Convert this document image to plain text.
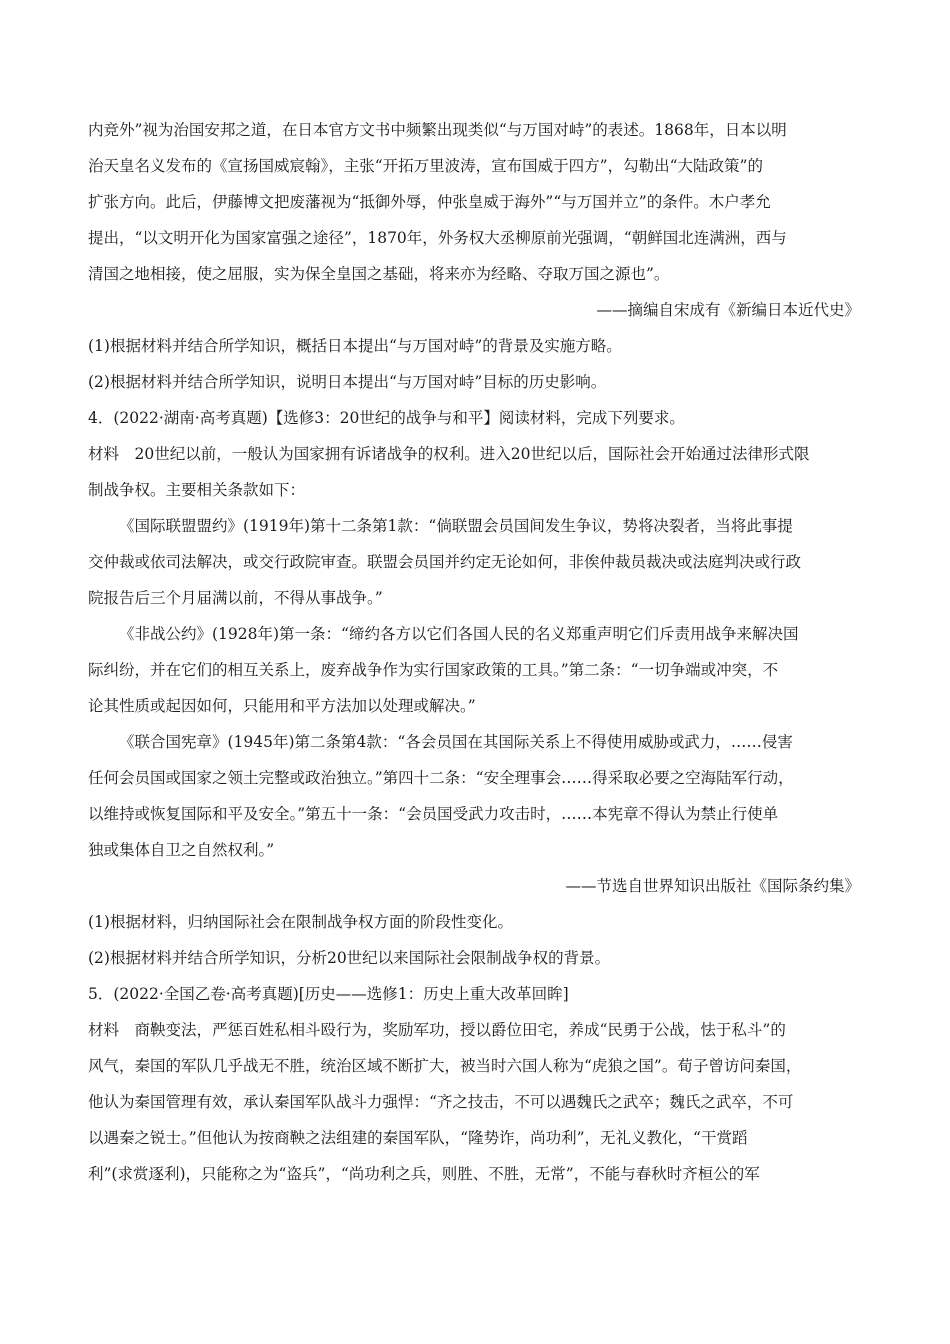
内竞外”视为治国安邦之道，在日本官方文书中频繁出现类似“与万国对峙”的表述。1868年，日本以明
治天皇名义发布的《宣扬国威宸翰》，主张“开拓万里波涛，宣布国威于四方”，勾勒出“大陆政策”的
扩张方向。此后，伊藤博文把废藩视为“抵御外辱，仲张皇威于海外”“与万国并立”的条件。木户孝允
提出，“以文明开化为国家富强之途径”，1870年，外务权大丞柳原前光强调，“朝鲜国北连满洲，西与
清国之地相接，使之屈服，实为保全皇国之基础，将来亦为经略、夺取万国之源也”。
——摘编自宋成有《新编日本近代史》
(1)根据材料并结合所学知识，概括日本提出“与万国对峙”的背景及实施方略。
(2)根据材料并结合所学知识，说明日本提出“与万国对峙”目标的历史影响。
4．(2022·湖南·高考真题)【选修3：20世纪的战争与和平】阅读材料，完成下列要求。
材料　20世纪以前，一般认为国家拥有诉诸战争的权利。进入20世纪以后，国际社会开始通过法律形式限
制战争权。主要相关条款如下：
《国际联盟盟约》(1919年)第十二条第1款：“倘联盟会员国间发生争议，势将决裂者，当将此事提
交仲裁或依司法解决，或交行政院审查。联盟会员国并约定无论如何，非俟仲裁员裁决或法庭判决或行政
院报告后三个月届满以前，不得从事战争。”
《非战公约》(1928年)第一条：“缔约各方以它们各国人民的名义郑重声明它们斥责用战争来解决国
际纠纷，并在它们的相互关系上，废弃战争作为实行国家政策的工具。”第二条：“一切争端或冲突，不
论其性质或起因如何，只能用和平方法加以处理或解决。”
《联合国宪章》(1945年)第二条第4款：“各会员国在其国际关系上不得使用威胁或武力，……侵害
任何会员国或国家之领土完整或政治独立。”第四十二条：“安全理事会……得采取必要之空海陆军行动，
以维持或恢复国际和平及安全。”第五十一条：“会员国受武力攻击时，……本宪章不得认为禁止行使单
独或集体自卫之自然权利。”
——节选自世界知识出版社《国际条约集》
(1)根据材料，归纳国际社会在限制战争权方面的阶段性变化。
(2)根据材料并结合所学知识，分析20世纪以来国际社会限制战争权的背景。
5．(2022·全国乙卷·高考真题)[历史——选修1：历史上重大改革回眸]
材料　商鞅变法，严惩百姓私相斗殴行为，奖励军功，授以爵位田宅，养成“民勇于公战，怯于私斗”的
风气，秦国的军队几乎战无不胜，统治区域不断扩大，被当时六国人称为“虎狼之国”。荀子曾访问秦国，
他认为秦国管理有效，承认秦国军队战斗力强悍：“齐之技击，不可以遇魏氏之武卒；魏氏之武卒，不可
以遇秦之锐士。”但他认为按商鞅之法组建的秦国军队，“隆势诈，尚功利”，无礼义教化，“干赏蹈
利”(求赏逐利)，只能称之为“盗兵”，“尚功利之兵，则胜、不胜，无常”，不能与春秋时齐桓公的军
